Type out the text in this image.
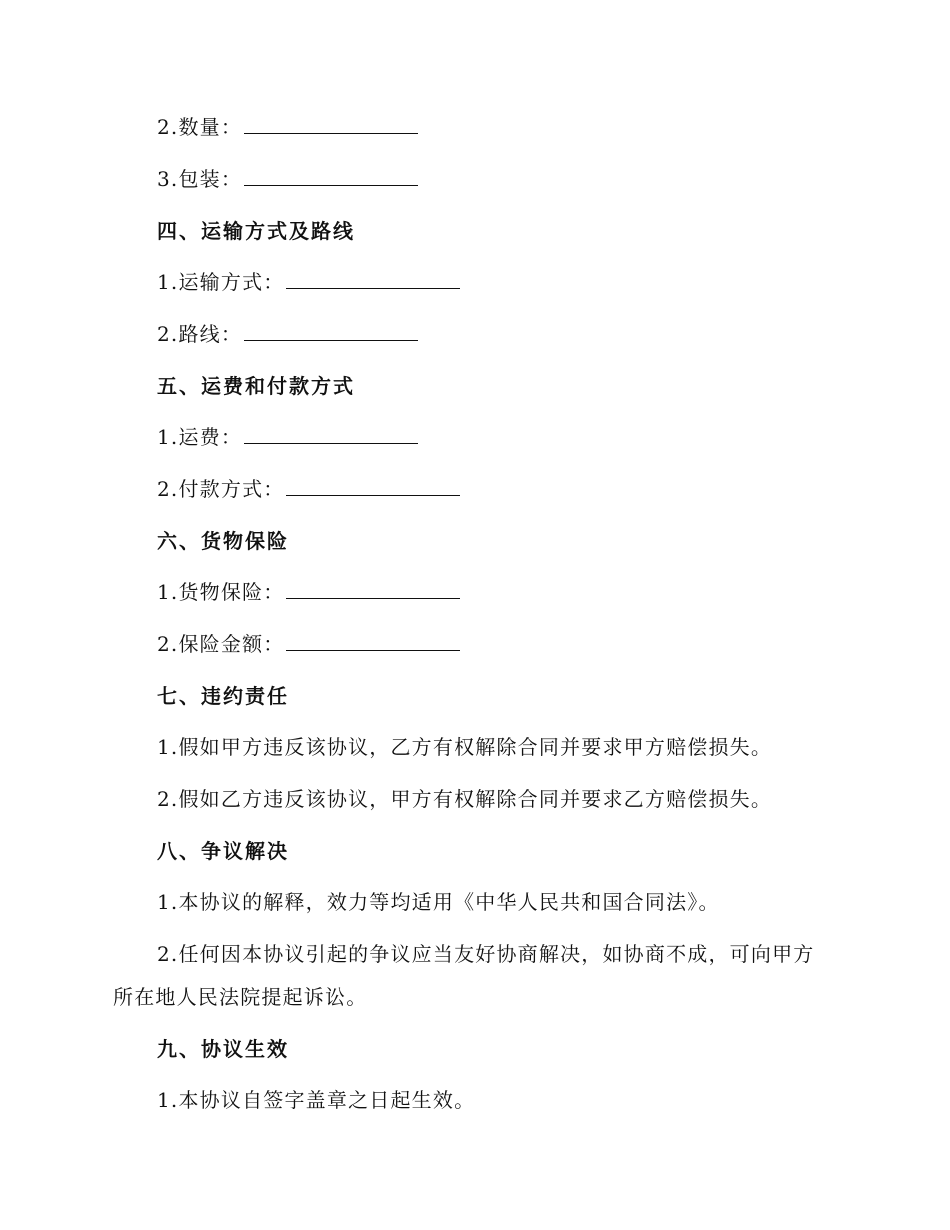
2.数量：
3.包装：
四、运输方式及路线
1.运输方式：
2.路线：
五、运费和付款方式
1.运费：
2.付款方式：
六、货物保险
1.货物保险：
2.保险金额：
七、违约责任
1.假如甲方违反该协议，乙方有权解除合同并要求甲方赔偿损失。
2.假如乙方违反该协议，甲方有权解除合同并要求乙方赔偿损失。
八、争议解决
1.本协议的解释，效力等均适用《中华人民共和国合同法》。
2.任何因本协议引起的争议应当友好协商解决，如协商不成，可向甲方
所在地人民法院提起诉讼。
九、协议生效
1.本协议自签字盖章之日起生效。
